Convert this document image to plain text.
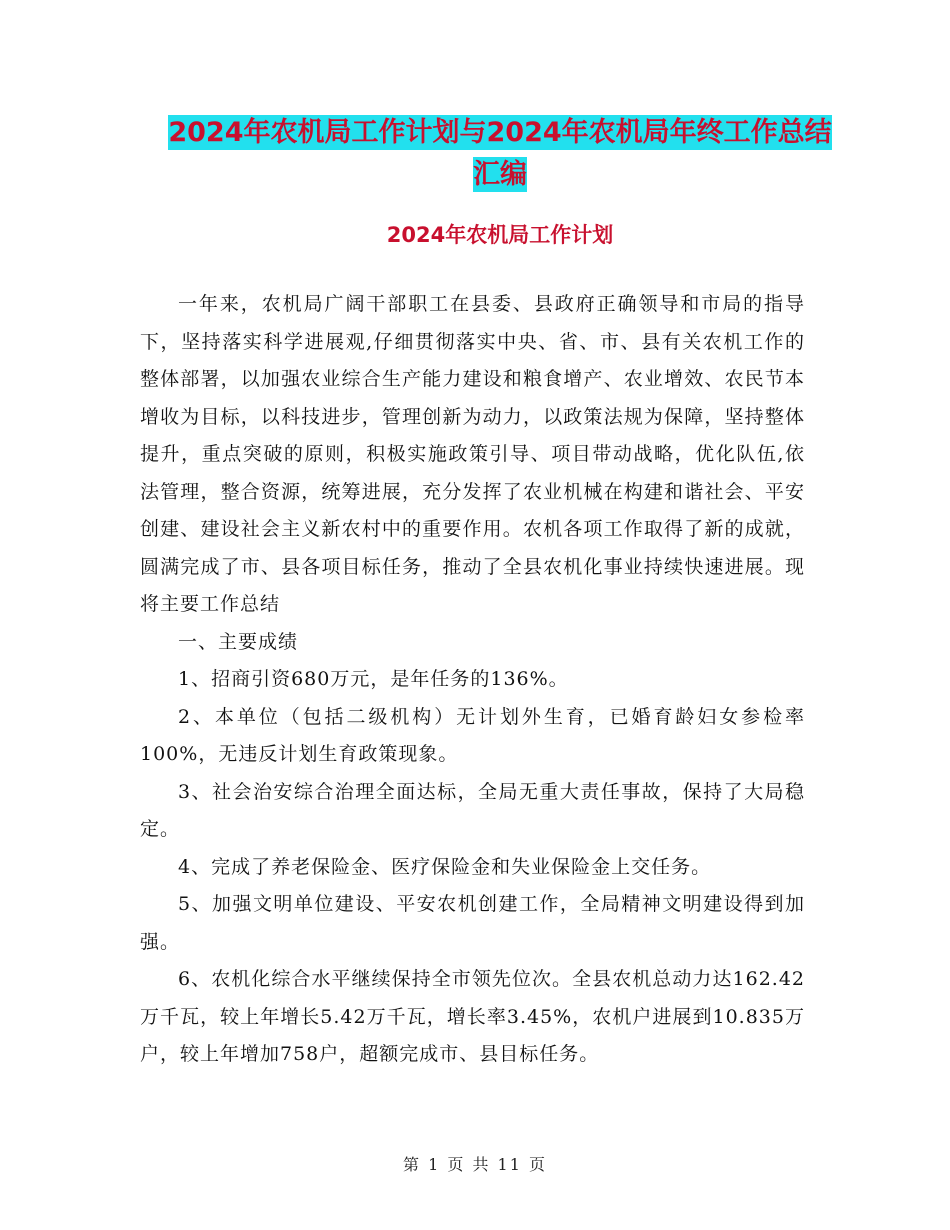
2024年农机局工作计划与2024年农机局年终工作总结
汇编
2024年农机局工作计划

一年来，农机局广阔干部职工在县委、县政府正确领导和市局的指导下，坚持落实科学进展观,仔细贯彻落实中央、省、市、县有关农机工作的整体部署，以加强农业综合生产能力建设和粮食增产、农业增效、农民节本增收为目标，以科技进步，管理创新为动力，以政策法规为保障，坚持整体提升，重点突破的原则，积极实施政策引导、项目带动战略，优化队伍,依法管理，整合资源，统筹进展，充分发挥了农业机械在构建和谐社会、平安创建、建设社会主义新农村中的重要作用。农机各项工作取得了新的成就，圆满完成了市、县各项目标任务，推动了全县农机化事业持续快速进展。现将主要工作总结

一、主要成绩

1、招商引资680万元，是年任务的136%。

2、本单位（包括二级机构）无计划外生育，已婚育龄妇女参检率100%，无违反计划生育政策现象。

3、社会治安综合治理全面达标，全局无重大责任事故，保持了大局稳定。

4、完成了养老保险金、医疗保险金和失业保险金上交任务。

5、加强文明单位建设、平安农机创建工作，全局精神文明建设得到加强。

6、农机化综合水平继续保持全市领先位次。全县农机总动力达162.42万千瓦，较上年增长5.42万千瓦，增长率3.45%，农机户进展到10.835万户，较上年增加758户，超额完成市、县目标任务。

第 1 页 共 11 页
